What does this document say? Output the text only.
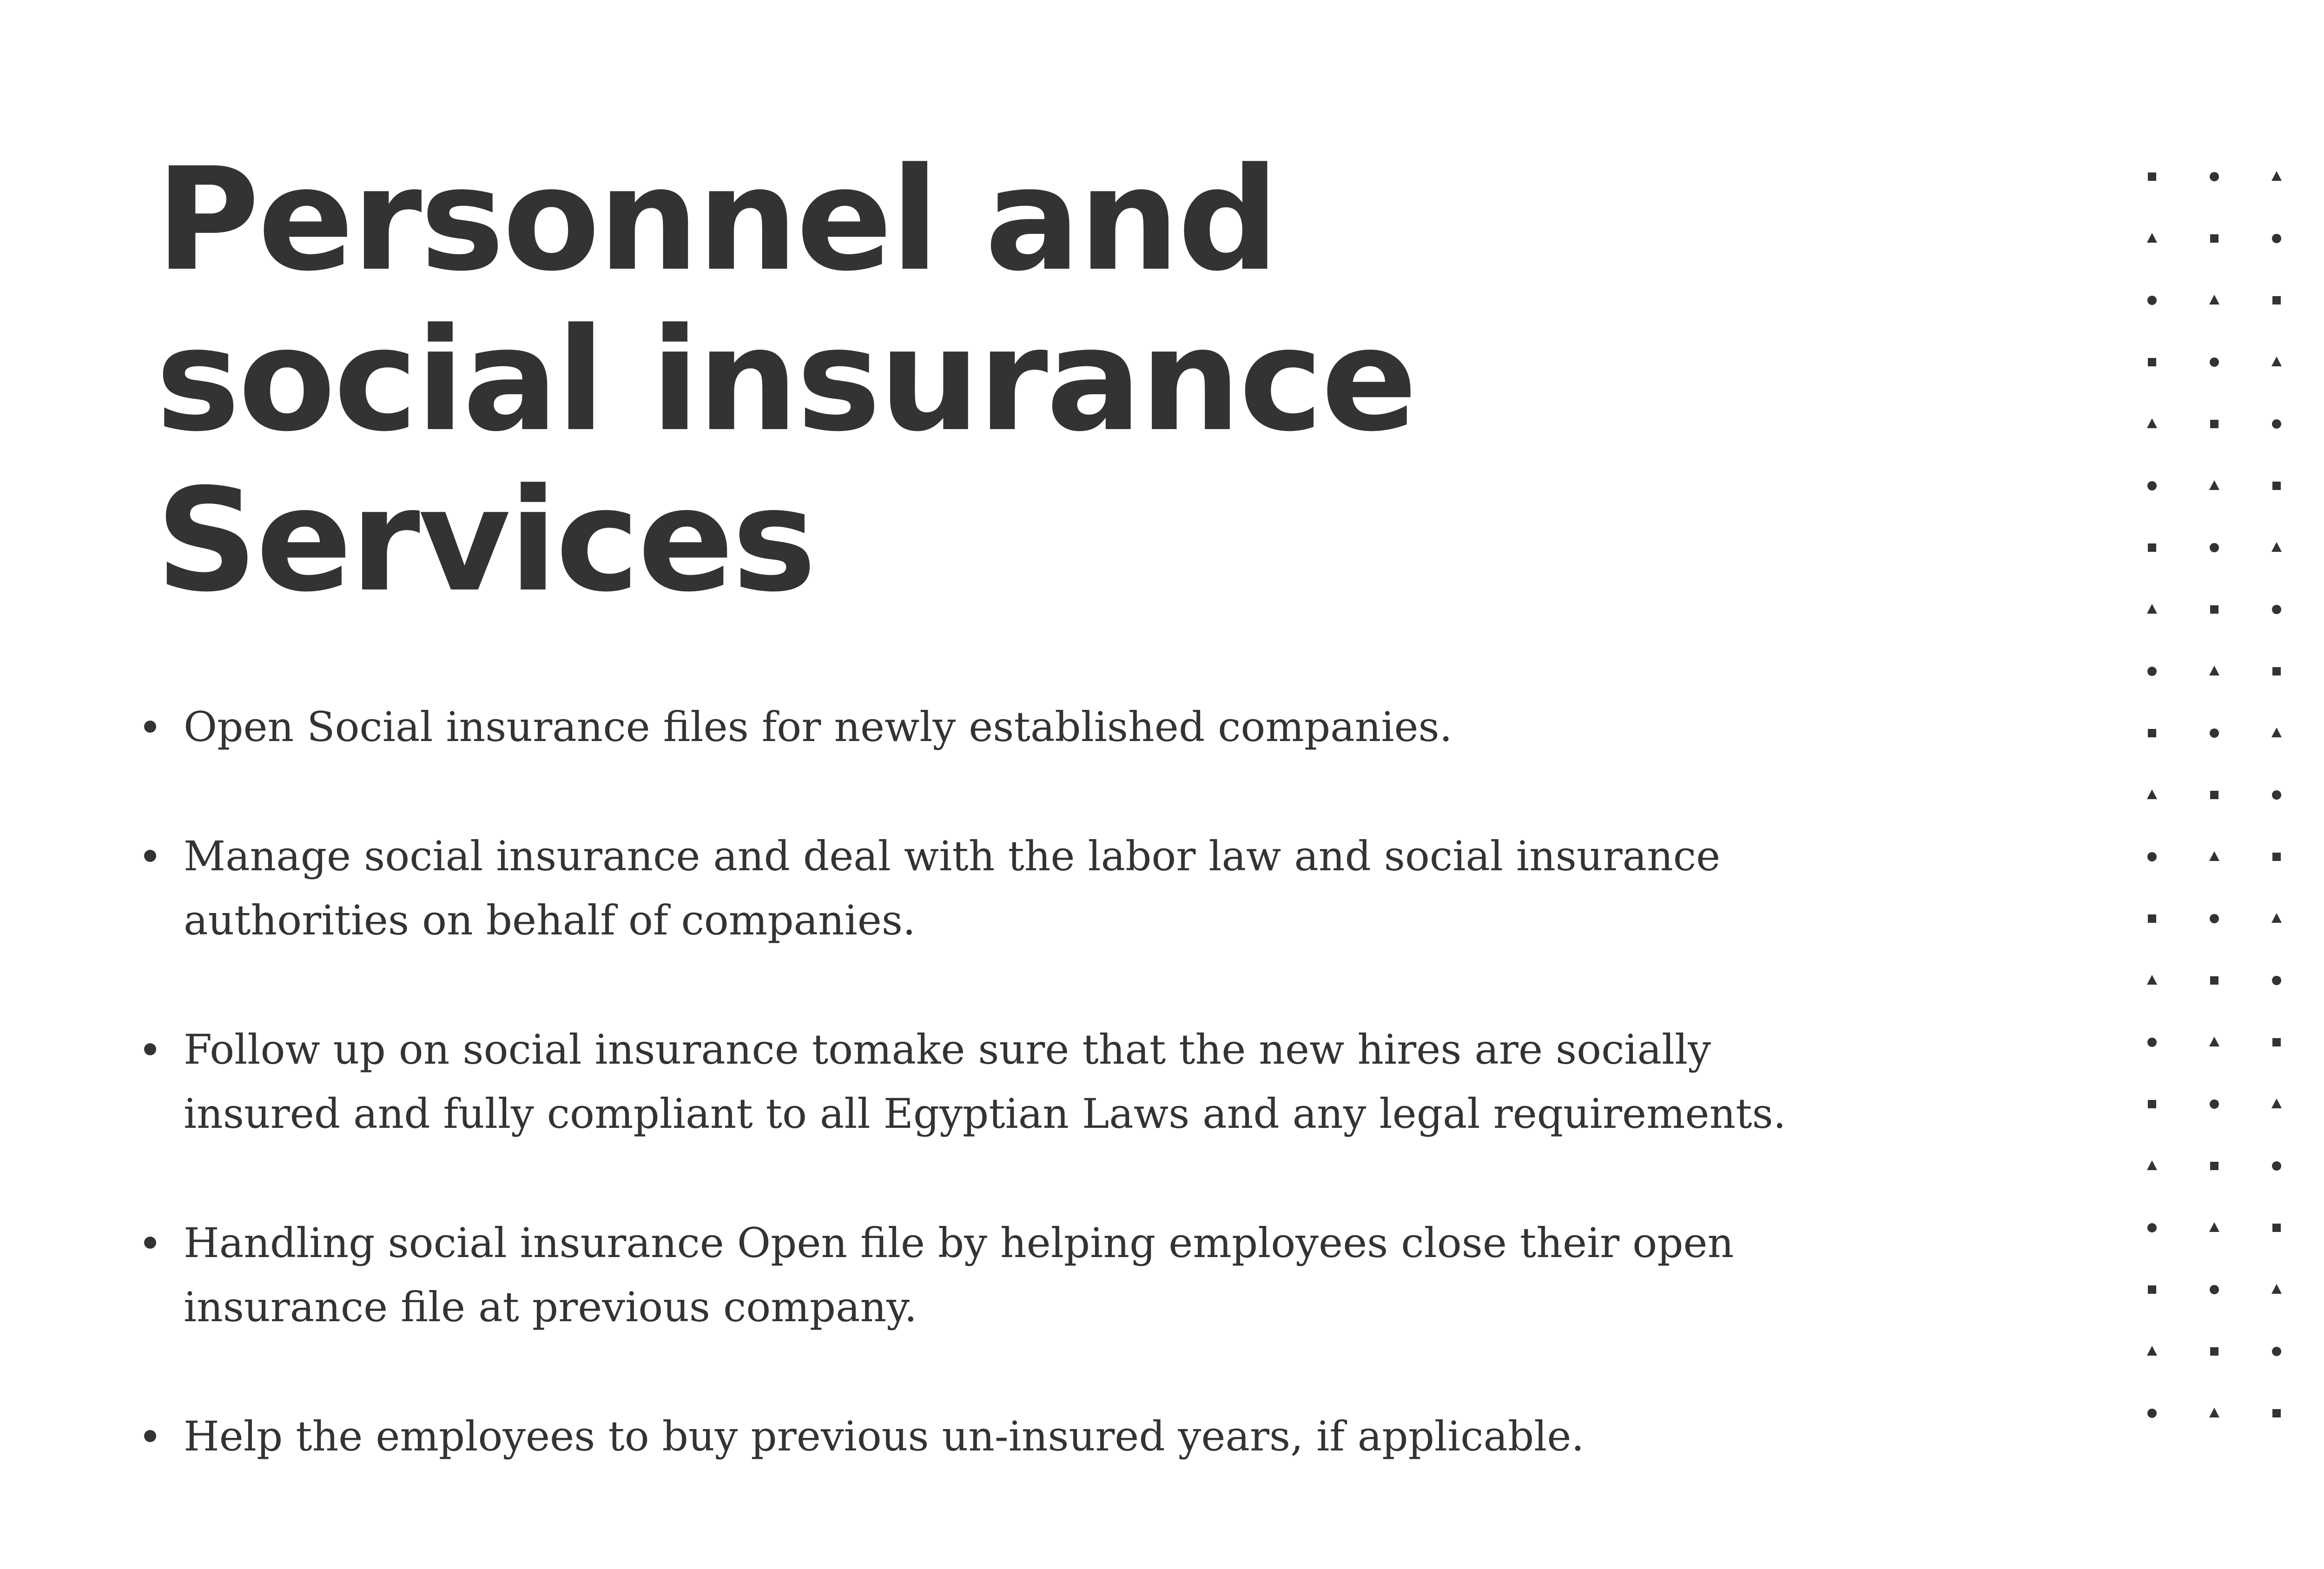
Personnel and
social insurance
Services
Open Social insurance files for newly established companies.
Manage social insurance and deal with the labor law and social insurance authorities on behalf of companies.
Follow up on social insurance tomake sure that the new hires are socially insured and fully compliant to all Egyptian Laws and any legal requirements.
Handling social insurance Open file by helping employees close their open insurance file at previous company.
Help the employees to buy previous un-insured years, if applicable.
